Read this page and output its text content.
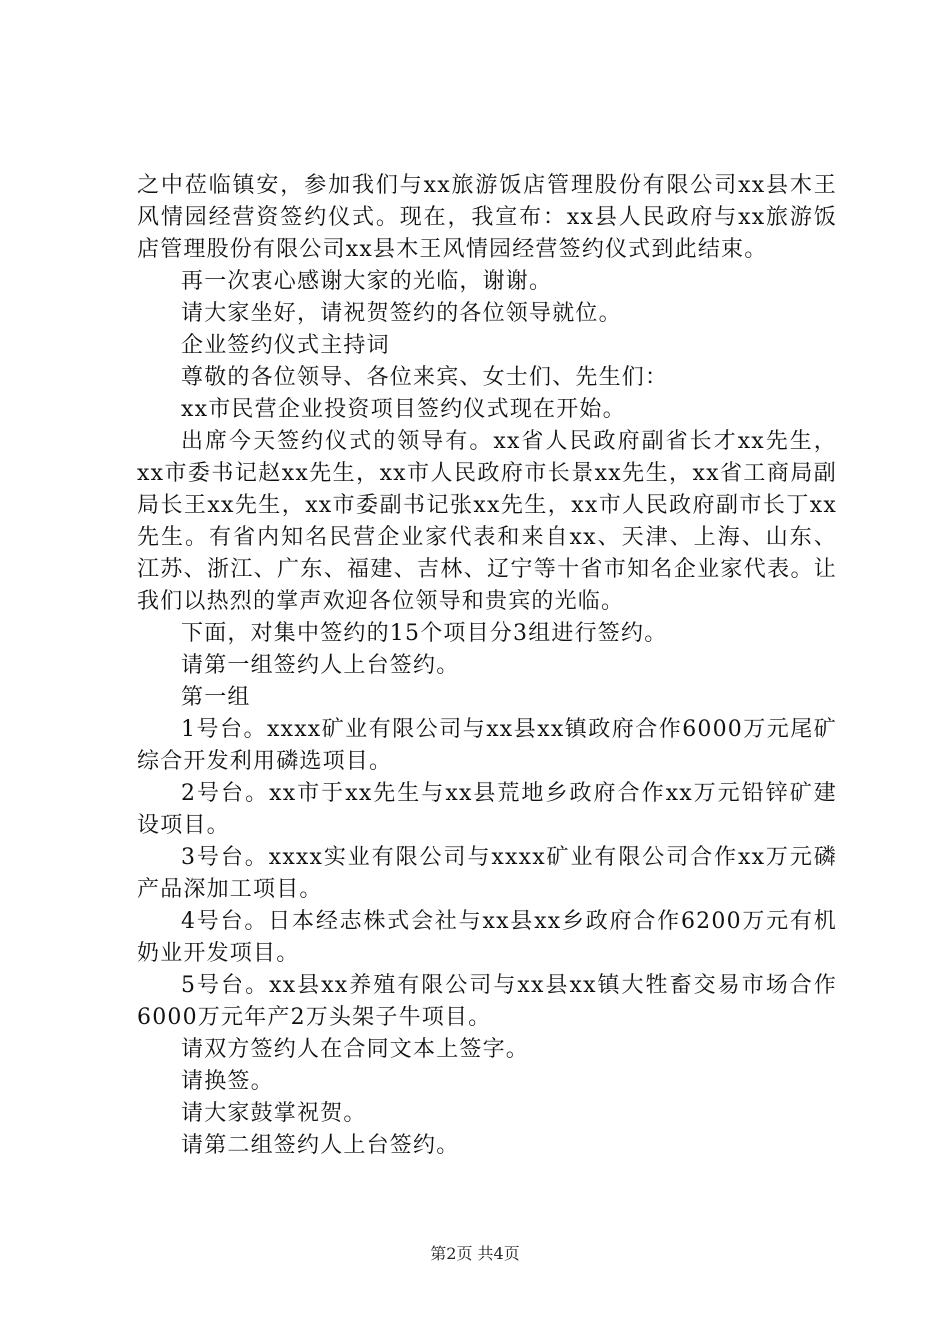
之中莅临镇安，参加我们与xx旅游饭店管理股份有限公司xx县木王风情园经营资签约仪式。现在，我宣布：xx县人民政府与xx旅游饭店管理股份有限公司xx县木王风情园经营签约仪式到此结束。

再一次衷心感谢大家的光临，谢谢。

请大家坐好，请祝贺签约的各位领导就位。

企业签约仪式主持词

尊敬的各位领导、各位来宾、女士们、先生们：

xx市民营企业投资项目签约仪式现在开始。

出席今天签约仪式的领导有。xx省人民政府副省长才xx先生，xx市委书记赵xx先生，xx市人民政府市长景xx先生，xx省工商局副局长王xx先生，xx市委副书记张xx先生，xx市人民政府副市长丁xx先生。有省内知名民营企业家代表和来自xx、天津、上海、山东、江苏、浙江、广东、福建、吉林、辽宁等十省市知名企业家代表。让我们以热烈的掌声欢迎各位领导和贵宾的光临。

下面，对集中签约的15个项目分3组进行签约。

请第一组签约人上台签约。

第一组

1号台。xxxx矿业有限公司与xx县xx镇政府合作6000万元尾矿综合开发利用磷选项目。

2号台。xx市于xx先生与xx县荒地乡政府合作xx万元铅锌矿建设项目。

3号台。xxxx实业有限公司与xxxx矿业有限公司合作xx万元磷产品深加工项目。

4号台。日本经志株式会社与xx县xx乡政府合作6200万元有机奶业开发项目。

5号台。xx县xx养殖有限公司与xx县xx镇大牲畜交易市场合作6000万元年产2万头架子牛项目。

请双方签约人在合同文本上签字。

请换签。

请大家鼓掌祝贺。

请第二组签约人上台签约。

第2页 共4页
